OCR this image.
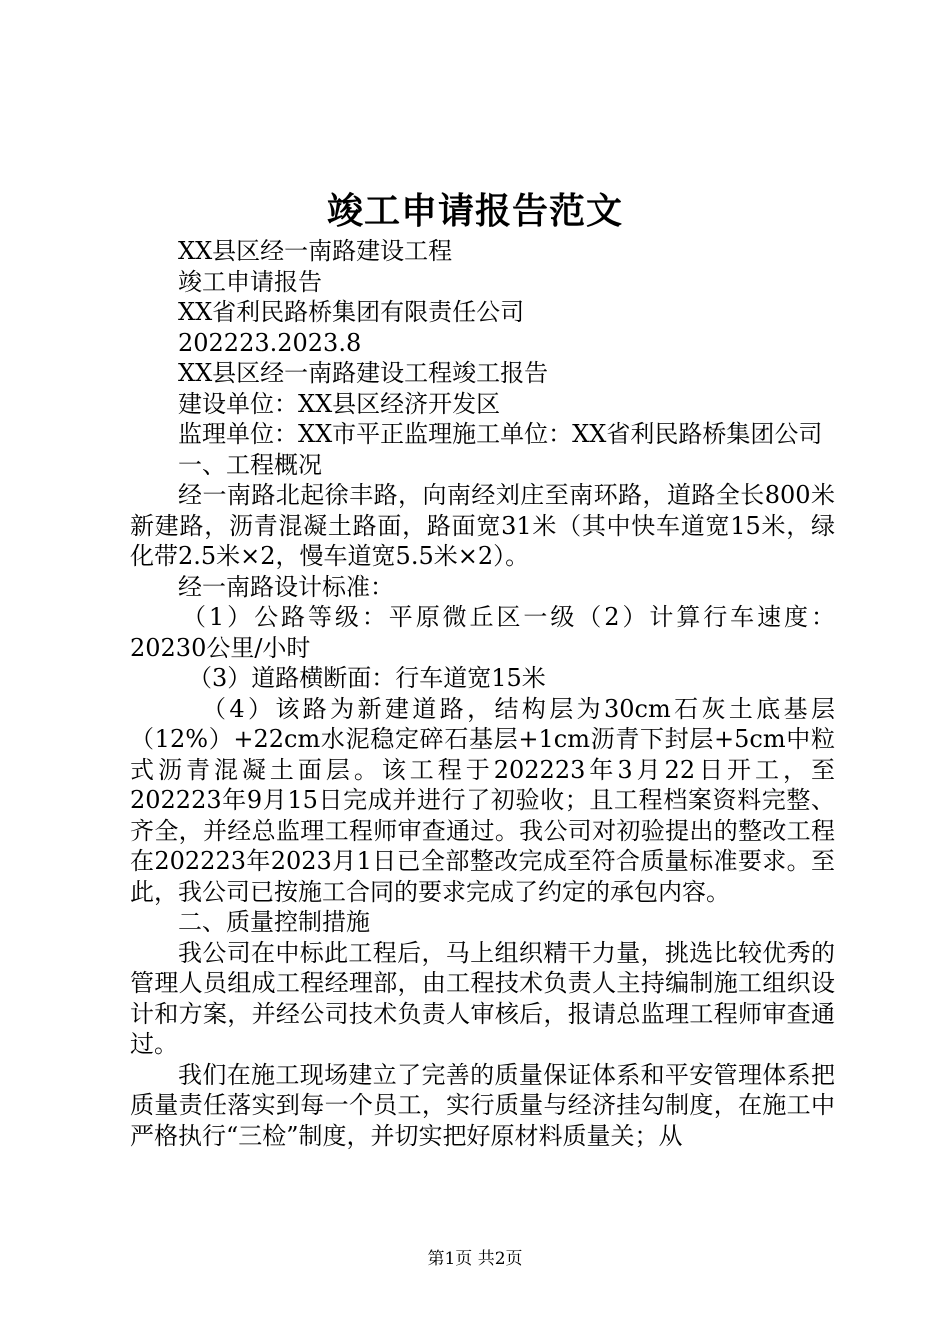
竣工申请报告范文

XX县区经一南路建设工程

竣工申请报告

XX省利民路桥集团有限责任公司

202223.2023.8

XX县区经一南路建设工程竣工报告

建设单位：XX县区经济开发区

监理单位：XX市平正监理施工单位：XX省利民路桥集团公司

一、工程概况

经一南路北起徐丰路，向南经刘庄至南环路，道路全长800米新建路，沥青混凝土路面，路面宽31米（其中快车道宽15米，绿化带2.5米×2，慢车道宽5.5米×2）。

经一南路设计标准：

（1）公路等级：平原微丘区一级（2）计算行车速度：20230公里/小时

（3）道路横断面：行车道宽15米

（4）该路为新建道路，结构层为30cm石灰土底基层（12%）+22cm水泥稳定碎石基层+1cm沥青下封层+5cm中粒式沥青混凝土面层。该工程于202223年3月22日开工，至202223年9月15日完成并进行了初验收；且工程档案资料完整、齐全，并经总监理工程师审查通过。我公司对初验提出的整改工程在202223年2023月1日已全部整改完成至符合质量标准要求。至此，我公司已按施工合同的要求完成了约定的承包内容。

二、质量控制措施

我公司在中标此工程后，马上组织精干力量，挑选比较优秀的管理人员组成工程经理部，由工程技术负责人主持编制施工组织设计和方案，并经公司技术负责人审核后，报请总监理工程师审查通过。

我们在施工现场建立了完善的质量保证体系和平安管理体系把质量责任落实到每一个员工，实行质量与经济挂勾制度，在施工中严格执行“三检”制度，并切实把好原材料质量关；从

第1页 共2页
